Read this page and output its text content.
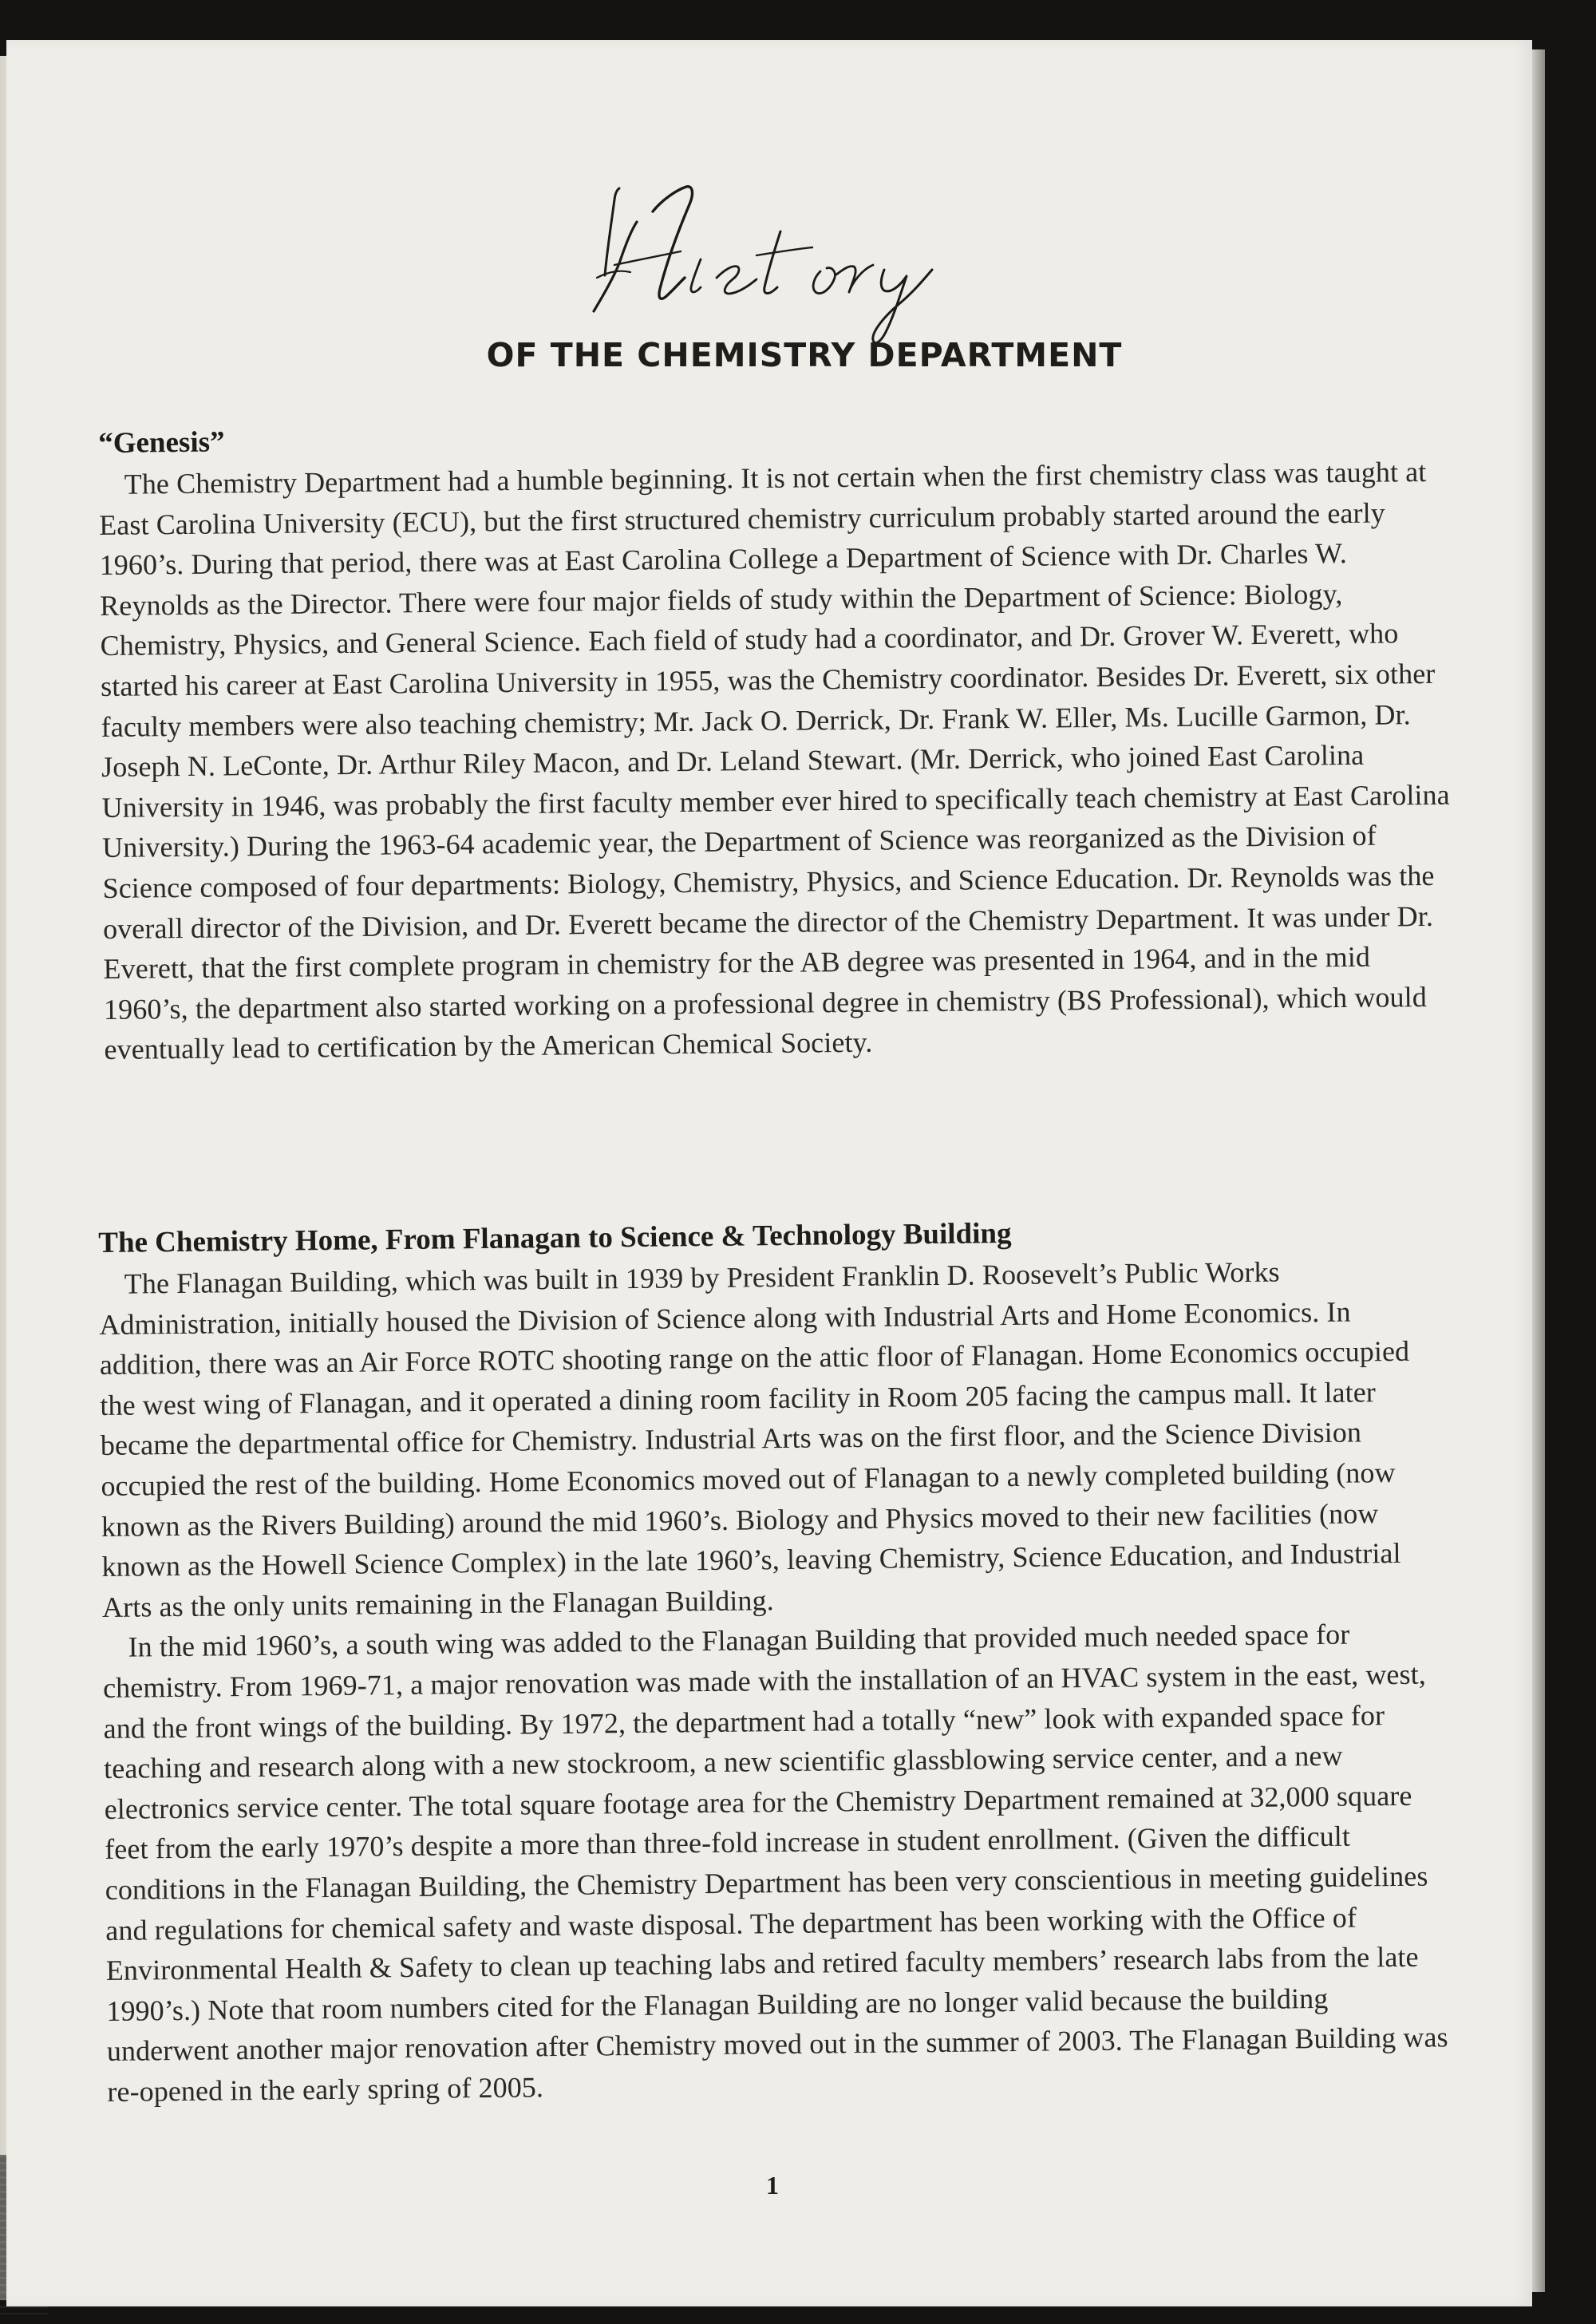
OF THE CHEMISTRY DEPARTMENT

“Genesis”

The Chemistry Department had a humble beginning. It is not certain when the first chemistry class was taught at East Carolina University (ECU), but the first structured chemistry curriculum probably started around the early 1960’s. During that period, there was at East Carolina College a Department of Science with Dr. Charles W. Reynolds as the Director. There were four major fields of study within the Department of Science: Biology, Chemistry, Physics, and General Science. Each field of study had a coordinator, and Dr. Grover W. Everett, who started his career at East Carolina University in 1955, was the Chemistry coordinator. Besides Dr. Everett, six other faculty members were also teaching chemistry; Mr. Jack O. Derrick, Dr. Frank W. Eller, Ms. Lucille Garmon, Dr. Joseph N. LeConte, Dr. Arthur Riley Macon, and Dr. Leland Stewart. (Mr. Derrick, who joined East Carolina University in 1946, was probably the first faculty member ever hired to specifically teach chemistry at East Carolina University.) During the 1963-64 academic year, the Department of Science was reorganized as the Division of Science composed of four departments: Biology, Chemistry, Physics, and Science Education. Dr. Reynolds was the overall director of the Division, and Dr. Everett became the director of the Chemistry Department. It was under Dr. Everett, that the first complete program in chemistry for the AB degree was presented in 1964, and in the mid 1960’s, the department also started working on a professional degree in chemistry (BS Professional), which would eventually lead to certification by the American Chemical Society.

The Chemistry Home, From Flanagan to Science & Technology Building

The Flanagan Building, which was built in 1939 by President Franklin D. Roosevelt’s Public Works Administration, initially housed the Division of Science along with Industrial Arts and Home Economics. In addition, there was an Air Force ROTC shooting range on the attic floor of Flanagan. Home Economics occupied the west wing of Flanagan, and it operated a dining room facility in Room 205 facing the campus mall. It later became the departmental office for Chemistry. Industrial Arts was on the first floor, and the Science Division occupied the rest of the building. Home Economics moved out of Flanagan to a newly completed building (now known as the Rivers Building) around the mid 1960’s. Biology and Physics moved to their new facilities (now known as the Howell Science Complex) in the late 1960’s, leaving Chemistry, Science Education, and Industrial Arts as the only units remaining in the Flanagan Building.

In the mid 1960’s, a south wing was added to the Flanagan Building that provided much needed space for chemistry. From 1969-71, a major renovation was made with the installation of an HVAC system in the east, west, and the front wings of the building. By 1972, the department had a totally “new” look with expanded space for teaching and research along with a new stockroom, a new scientific glassblowing service center, and a new electronics service center. The total square footage area for the Chemistry Department remained at 32,000 square feet from the early 1970’s despite a more than three-fold increase in student enrollment. (Given the difficult conditions in the Flanagan Building, the Chemistry Department has been very conscientious in meeting guidelines and regulations for chemical safety and waste disposal. The department has been working with the Office of Environmental Health & Safety to clean up teaching labs and retired faculty members’ research labs from the late 1990’s.) Note that room numbers cited for the Flanagan Building are no longer valid because the building underwent another major renovation after Chemistry moved out in the summer of 2003. The Flanagan Building was re-opened in the early spring of 2005.

1
